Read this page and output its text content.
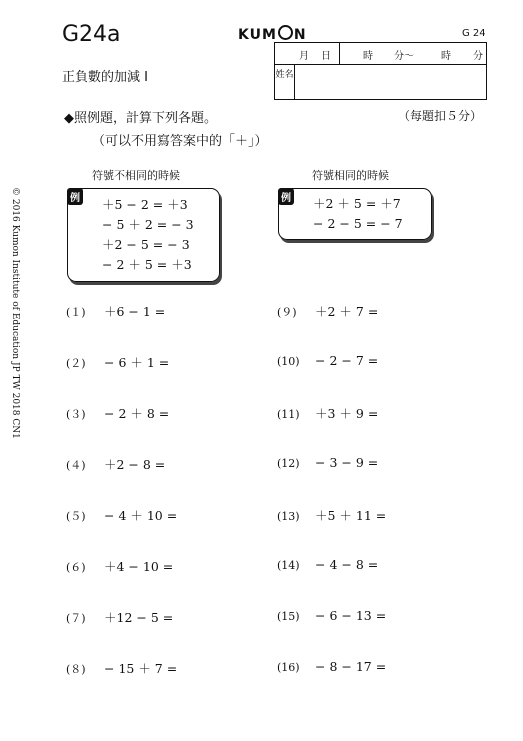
G24a	KUM N	G 24
正負數的加減 I
月 日	時 分～	時 分
姓名
◆照例題，計算下列各題。
（可以不用寫答案中的「＋」）
（每題扣５分）
符號不相同的時候	符號相同的時候
例 ＋5 − 2 = ＋3
− 5 ＋ 2 = − 3
＋2 − 5 = − 3
− 2 ＋ 5 = ＋3
例 ＋2 ＋ 5 = ＋7
− 2 − 5 = − 7
© 2016 Kumon Institute of Education JP TW 2018 CN1	(１) ＋6 − 1 =
(２) − 6 ＋ 1 =
(３) − 2 ＋ 8 =
(４) ＋2 − 8 =
(５) − 4 ＋ 10 =
(６) ＋4 − 10 =
(７) ＋12 − 5 =
(８) − 15 ＋ 7 =
(９) ＋2 ＋ 7 =
(10) − 2 − 7 =
(11) ＋3 ＋ 9 =
(12) − 3 − 9 =
(13) ＋5 ＋ 11 =
(14) − 4 − 8 =
(15) − 6 − 13 =
(16) − 8 − 17 =
